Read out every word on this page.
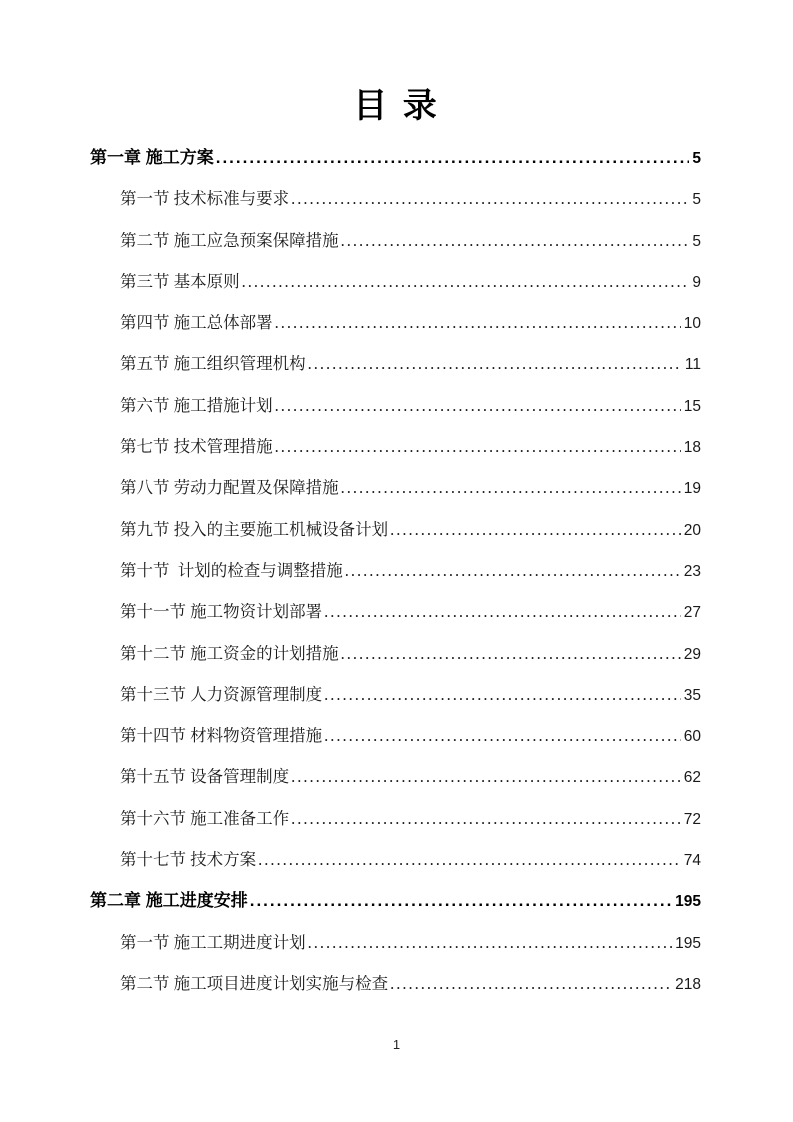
目 录
第一章 施工方案 .....	5
第一节 技术标准与要求 .....	5
第二节 施工应急预案保障措施 .....	5
第三节 基本原则 .....	9
第四节 施工总体部署 .....	10
第五节 施工组织管理机构 .....	11
第六节 施工措施计划 .....	15
第七节 技术管理措施 .....	18
第八节 劳动力配置及保障措施 .....	19
第九节 投入的主要施工机械设备计划 .....	20
第十节  计划的检查与调整措施 .....	23
第十一节 施工物资计划部署 .....	27
第十二节 施工资金的计划措施 .....	29
第十三节 人力资源管理制度 .....	35
第十四节 材料物资管理措施 .....	60
第十五节 设备管理制度 .....	62
第十六节 施工准备工作 .....	72
第十七节 技术方案 .....	74
第二章 施工进度安排 .....	195
第一节 施工工期进度计划 .....	195
第二节 施工项目进度计划实施与检查 .....	218
1
